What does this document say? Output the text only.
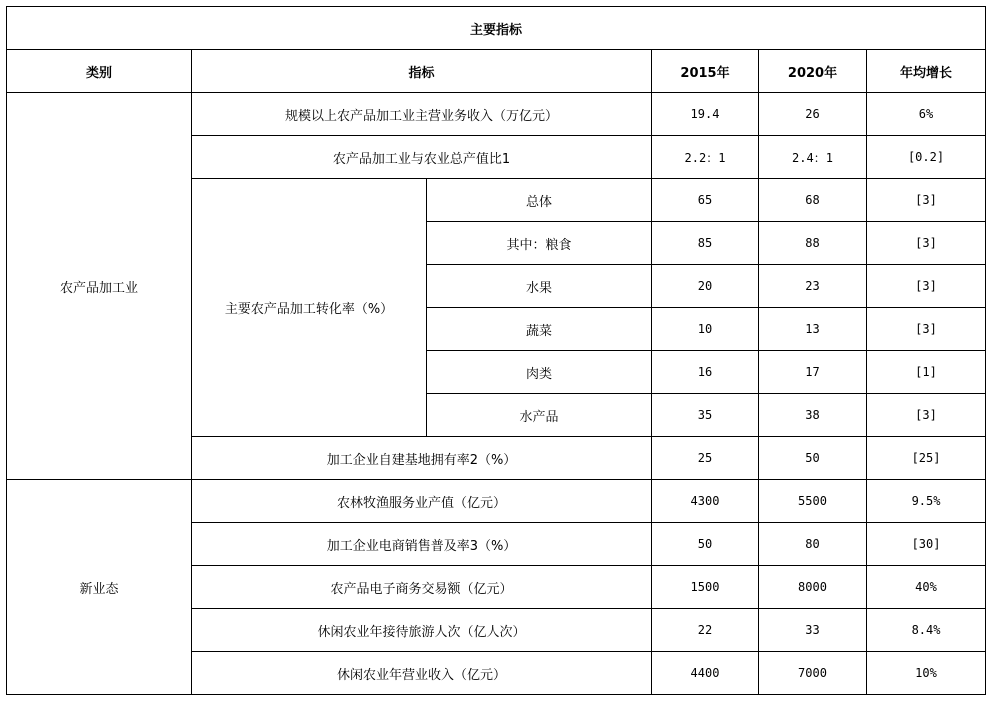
主要指标					
类别	指标		2015年	2020年	年均增长
农产品加工业	规模以上农产品加工业主营业务收入（万亿元）		19.4	26	6%
	农产品加工业与农业总产值比1		2.2：1	2.4：1	[0.2]
	主要农产品加工转化率（%）	总体	65	68	[3]
		其中：粮食	85	88	[3]
		水果	20	23	[3]
		蔬菜	10	13	[3]
		肉类	16	17	[1]
		水产品	35	38	[3]
	加工企业自建基地拥有率2（%）		25	50	[25]
新业态	农林牧渔服务业产值（亿元）		4300	5500	9.5%
	加工企业电商销售普及率3（%）		50	80	[30]
	农产品电子商务交易额（亿元）		1500	8000	40%
	休闲农业年接待旅游人次（亿人次）		22	33	8.4%
	休闲农业年营业收入（亿元）		4400	7000	10%
